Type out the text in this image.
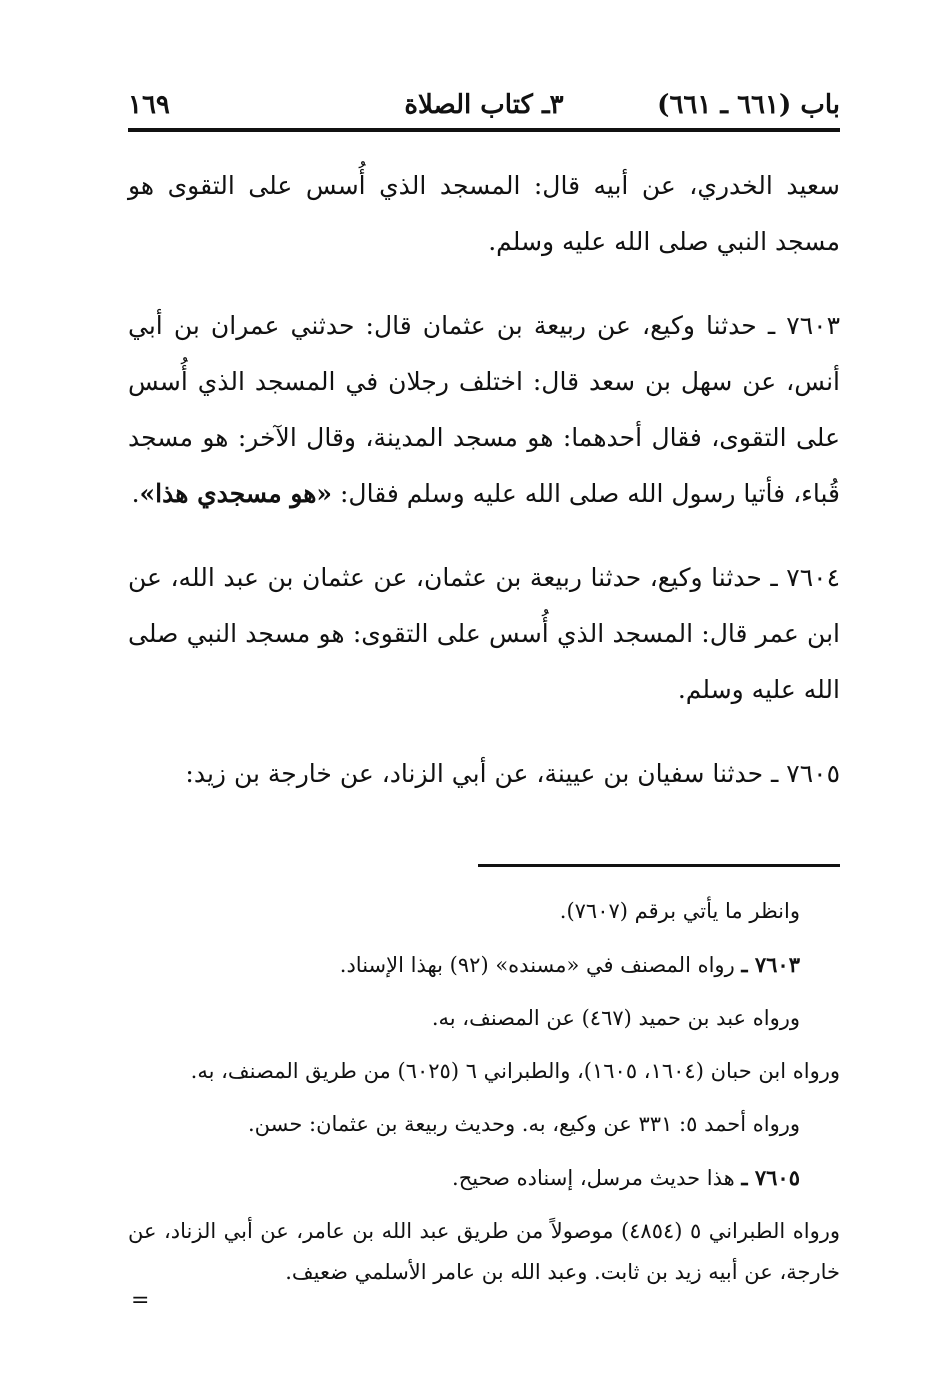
باب (٦٦١ ـ ٦٦١)
٣ـ كتاب الصلاة
١٦٩

سعيد الخدري، عن أبيه قال: المسجد الذي أُسس على التقوى هو مسجد النبي صلى الله عليه وسلم.

٧٦٠٣ ـ حدثنا وكيع، عن ربيعة بن عثمان قال: حدثني عمران بن أبي أنس، عن سهل بن سعد قال: اختلف رجلان في المسجد الذي أُسس على التقوى، فقال أحدهما: هو مسجد المدينة، وقال الآخر: هو مسجد قُباء، فأتيا رسول الله صلى الله عليه وسلم فقال: «هو مسجدي هذا».

٧٦٠٤ ـ حدثنا وكيع، حدثنا ربيعة بن عثمان، عن عثمان بن عبد الله، عن ابن عمر قال: المسجد الذي أُسس على التقوى: هو مسجد النبي صلى الله عليه وسلم.

٧٦٠٥ ـ حدثنا سفيان بن عيينة، عن أبي الزناد، عن خارجة بن زيد:

وانظر ما يأتي برقم (٧٦٠٧).

٧٦٠٣ ـ رواه المصنف في «مسنده» (٩٢) بهذا الإسناد.

ورواه عبد بن حميد (٤٦٧) عن المصنف، به.

ورواه ابن حبان (١٦٠٤، ١٦٠٥)، والطبراني ٦ (٦٠٢٥) من طريق المصنف، به.

ورواه أحمد ٥: ٣٣١ عن وكيع، به. وحديث ربيعة بن عثمان: حسن.

٧٦٠٥ ـ هذا حديث مرسل، إسناده صحيح.

ورواه الطبراني ٥ (٤٨٥٤) موصولاً من طريق عبد الله بن عامر، عن أبي الزناد، عن خارجة، عن أبيه زيد بن ثابت. وعبد الله بن عامر الأسلمي ضعيف.

=
